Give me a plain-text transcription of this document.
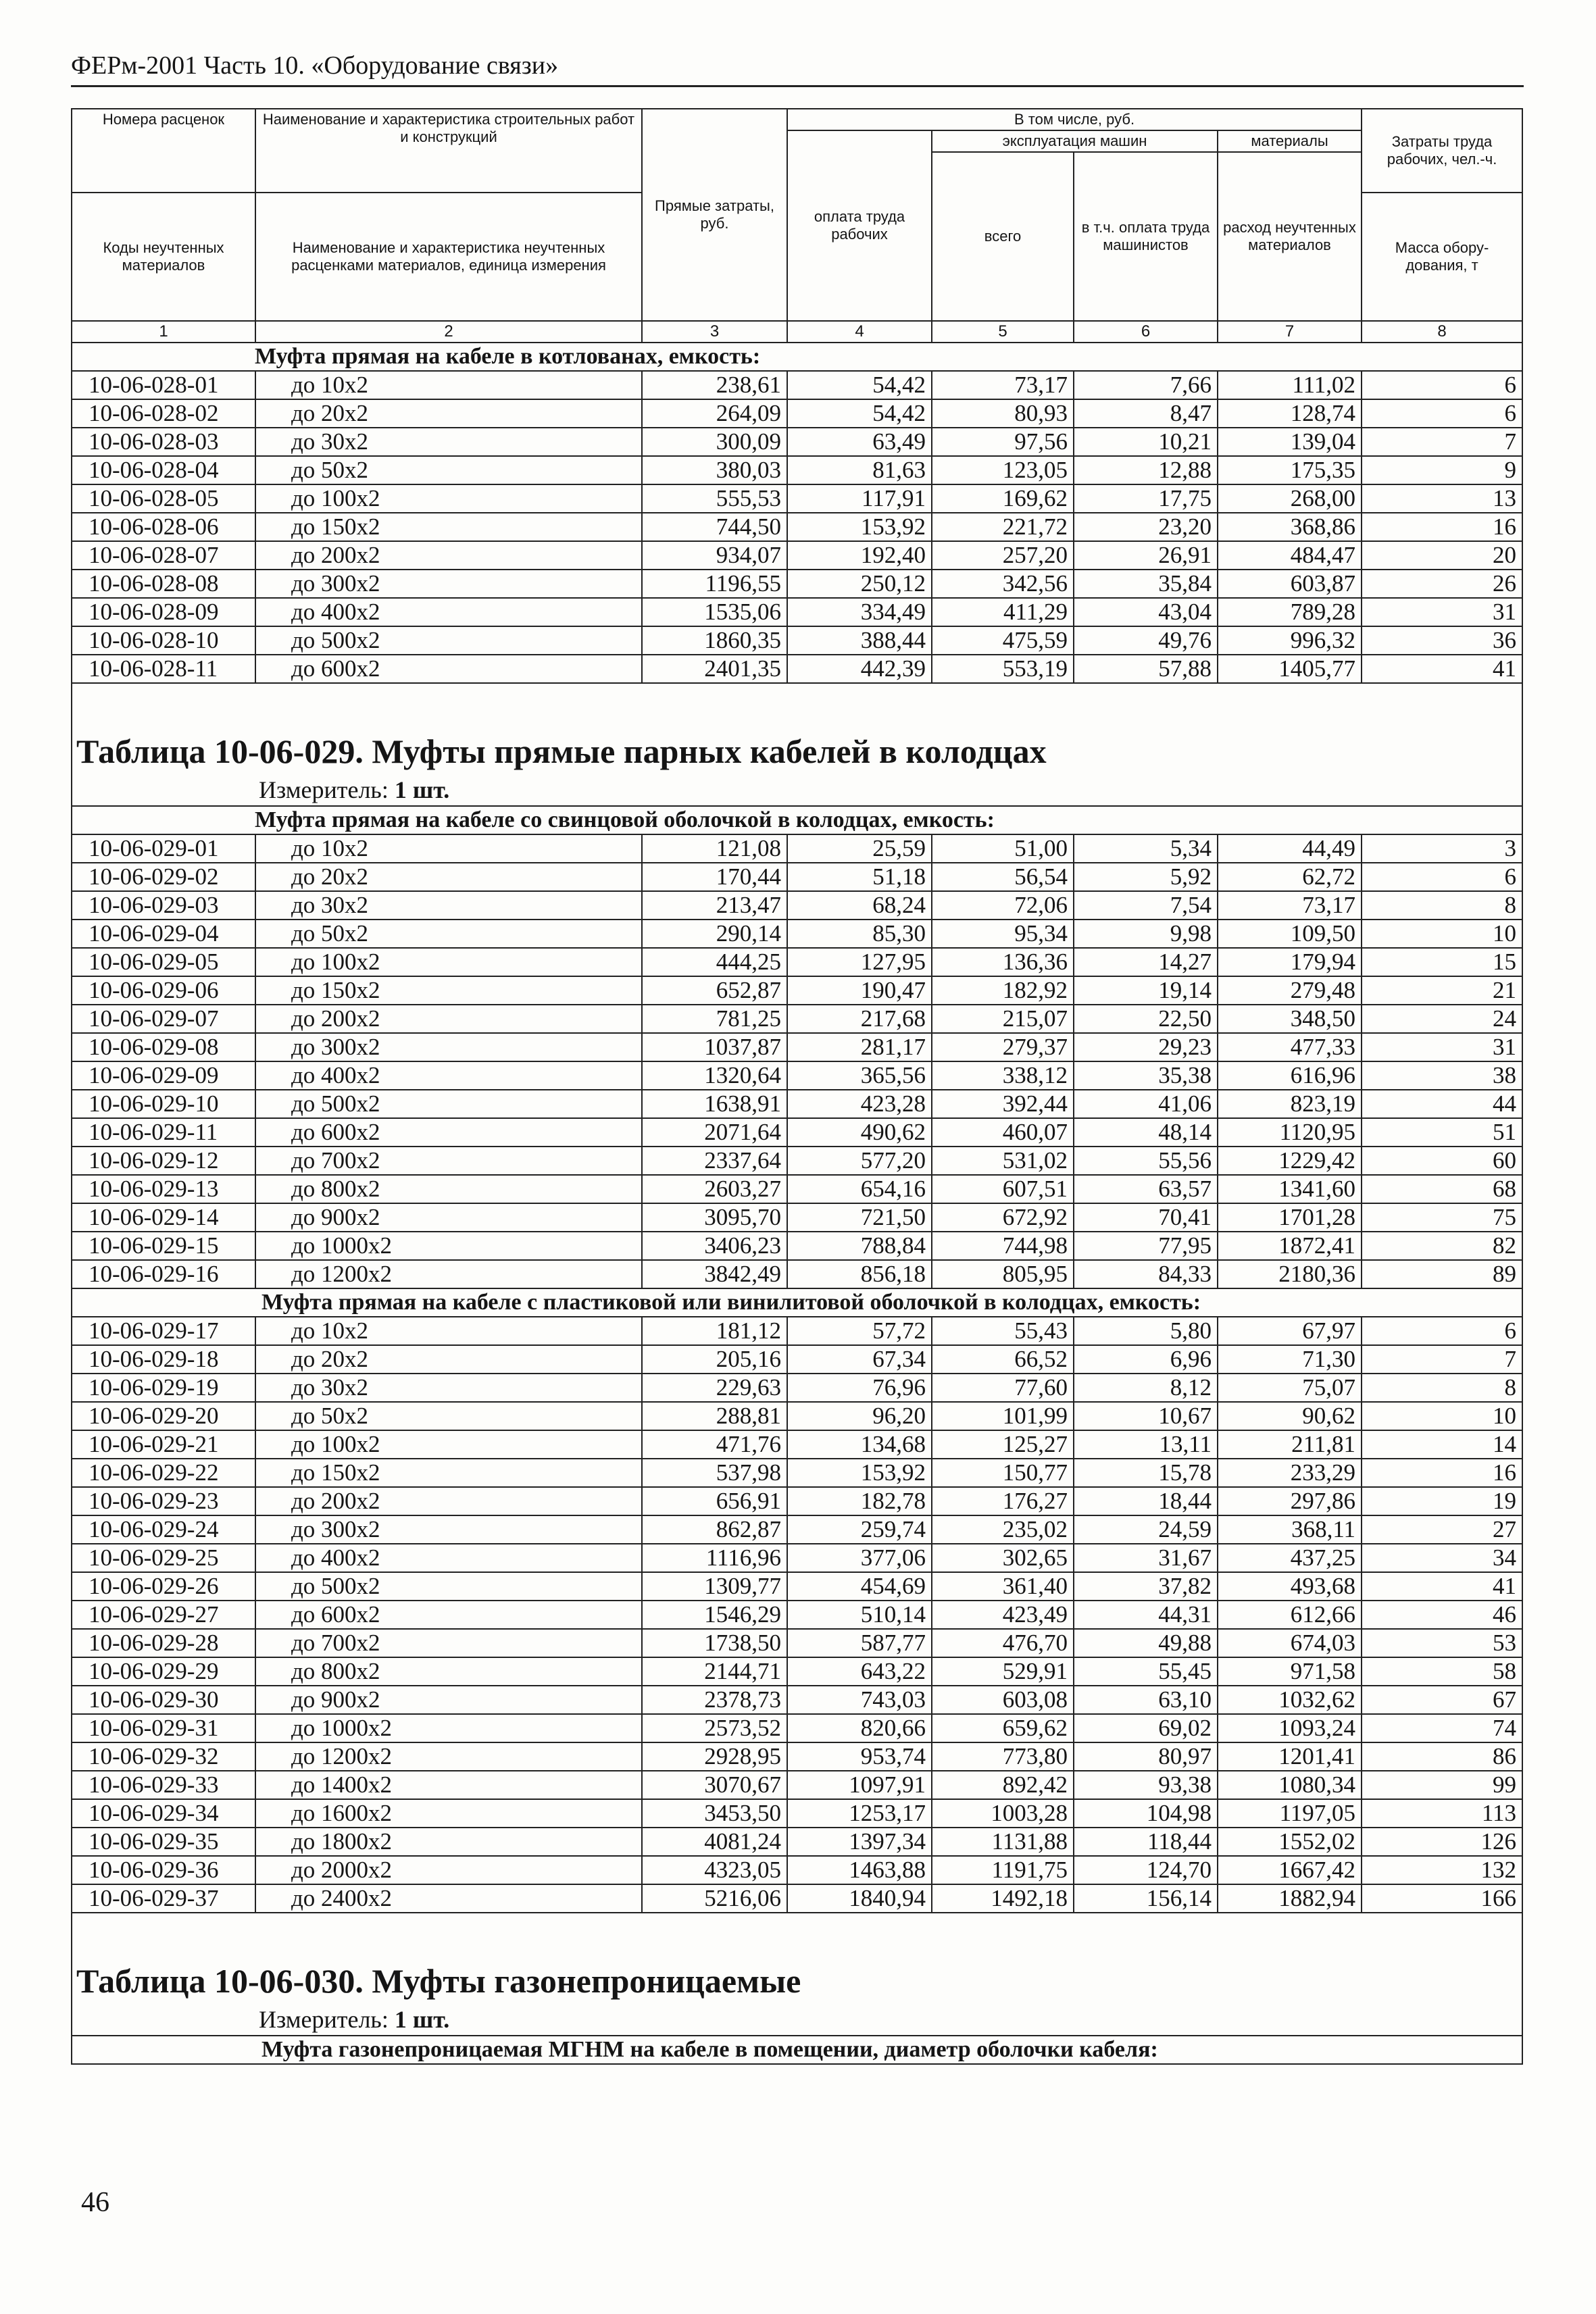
ФЕРм-2001 Часть 10. «Оборудование связи»
Номера расценок	Наименование и характеристика строительных работ и конструкций	Прямые затраты, руб.	В том числе, руб.				Затраты труда рабочих, чел.-ч.
			оплата труда рабочих	эксплуатация машин		материалы	
				всего	в т.ч. оплата труда машинистов	расход неучтенных материалов	
Коды неучтенных материалов	Наименование и характеристика неучтенных расценками материалов, единица измерения						Масса обору-дования, т
1	2	3	4	5	6	7	8
Муфта прямая на кабеле в котлованах, емкость:							
10-06-028-01	до 10х2	238,61	54,42	73,17	7,66	111,02	6
10-06-028-02	до 20х2	264,09	54,42	80,93	8,47	128,74	6
10-06-028-03	до 30х2	300,09	63,49	97,56	10,21	139,04	7
10-06-028-04	до 50х2	380,03	81,63	123,05	12,88	175,35	9
10-06-028-05	до 100х2	555,53	117,91	169,62	17,75	268,00	13
10-06-028-06	до 150х2	744,50	153,92	221,72	23,20	368,86	16
10-06-028-07	до 200х2	934,07	192,40	257,20	26,91	484,47	20
10-06-028-08	до 300х2	1196,55	250,12	342,56	35,84	603,87	26
10-06-028-09	до 400х2	1535,06	334,49	411,29	43,04	789,28	31
10-06-028-10	до 500х2	1860,35	388,44	475,59	49,76	996,32	36
10-06-028-11	до 600х2	2401,35	442,39	553,19	57,88	1405,77	41

Таблица 10-06-029. Муфты прямые парных кабелей в колодцах							
Измеритель: 1 шт.							
Муфта прямая на кабеле со свинцовой оболочкой в колодцах, емкость:							
10-06-029-01	до 10х2	121,08	25,59	51,00	5,34	44,49	3
10-06-029-02	до 20х2	170,44	51,18	56,54	5,92	62,72	6
10-06-029-03	до 30х2	213,47	68,24	72,06	7,54	73,17	8
10-06-029-04	до 50х2	290,14	85,30	95,34	9,98	109,50	10
10-06-029-05	до 100х2	444,25	127,95	136,36	14,27	179,94	15
10-06-029-06	до 150х2	652,87	190,47	182,92	19,14	279,48	21
10-06-029-07	до 200х2	781,25	217,68	215,07	22,50	348,50	24
10-06-029-08	до 300х2	1037,87	281,17	279,37	29,23	477,33	31
10-06-029-09	до 400х2	1320,64	365,56	338,12	35,38	616,96	38
10-06-029-10	до 500х2	1638,91	423,28	392,44	41,06	823,19	44
10-06-029-11	до 600х2	2071,64	490,62	460,07	48,14	1120,95	51
10-06-029-12	до 700х2	2337,64	577,20	531,02	55,56	1229,42	60
10-06-029-13	до 800х2	2603,27	654,16	607,51	63,57	1341,60	68
10-06-029-14	до 900х2	3095,70	721,50	672,92	70,41	1701,28	75
10-06-029-15	до 1000х2	3406,23	788,84	744,98	77,95	1872,41	82
10-06-029-16	до 1200х2	3842,49	856,18	805,95	84,33	2180,36	89
Муфта прямая на кабеле с пластиковой или винилитовой оболочкой в колодцах, емкость:							
10-06-029-17	до 10х2	181,12	57,72	55,43	5,80	67,97	6
10-06-029-18	до 20х2	205,16	67,34	66,52	6,96	71,30	7
10-06-029-19	до 30х2	229,63	76,96	77,60	8,12	75,07	8
10-06-029-20	до 50х2	288,81	96,20	101,99	10,67	90,62	10
10-06-029-21	до 100х2	471,76	134,68	125,27	13,11	211,81	14
10-06-029-22	до 150х2	537,98	153,92	150,77	15,78	233,29	16
10-06-029-23	до 200х2	656,91	182,78	176,27	18,44	297,86	19
10-06-029-24	до 300х2	862,87	259,74	235,02	24,59	368,11	27
10-06-029-25	до 400х2	1116,96	377,06	302,65	31,67	437,25	34
10-06-029-26	до 500х2	1309,77	454,69	361,40	37,82	493,68	41
10-06-029-27	до 600х2	1546,29	510,14	423,49	44,31	612,66	46
10-06-029-28	до 700х2	1738,50	587,77	476,70	49,88	674,03	53
10-06-029-29	до 800х2	2144,71	643,22	529,91	55,45	971,58	58
10-06-029-30	до 900х2	2378,73	743,03	603,08	63,10	1032,62	67
10-06-029-31	до 1000х2	2573,52	820,66	659,62	69,02	1093,24	74
10-06-029-32	до 1200х2	2928,95	953,74	773,80	80,97	1201,41	86
10-06-029-33	до 1400х2	3070,67	1097,91	892,42	93,38	1080,34	99
10-06-029-34	до 1600х2	3453,50	1253,17	1003,28	104,98	1197,05	113
10-06-029-35	до 1800х2	4081,24	1397,34	1131,88	118,44	1552,02	126
10-06-029-36	до 2000х2	4323,05	1463,88	1191,75	124,70	1667,42	132
10-06-029-37	до 2400х2	5216,06	1840,94	1492,18	156,14	1882,94	166

Таблица 10-06-030. Муфты газонепроницаемые							
Измеритель: 1 шт.							
Муфта газонепроницаемая МГНМ на кабеле в помещении, диаметр оболочки кабеля:							
46
